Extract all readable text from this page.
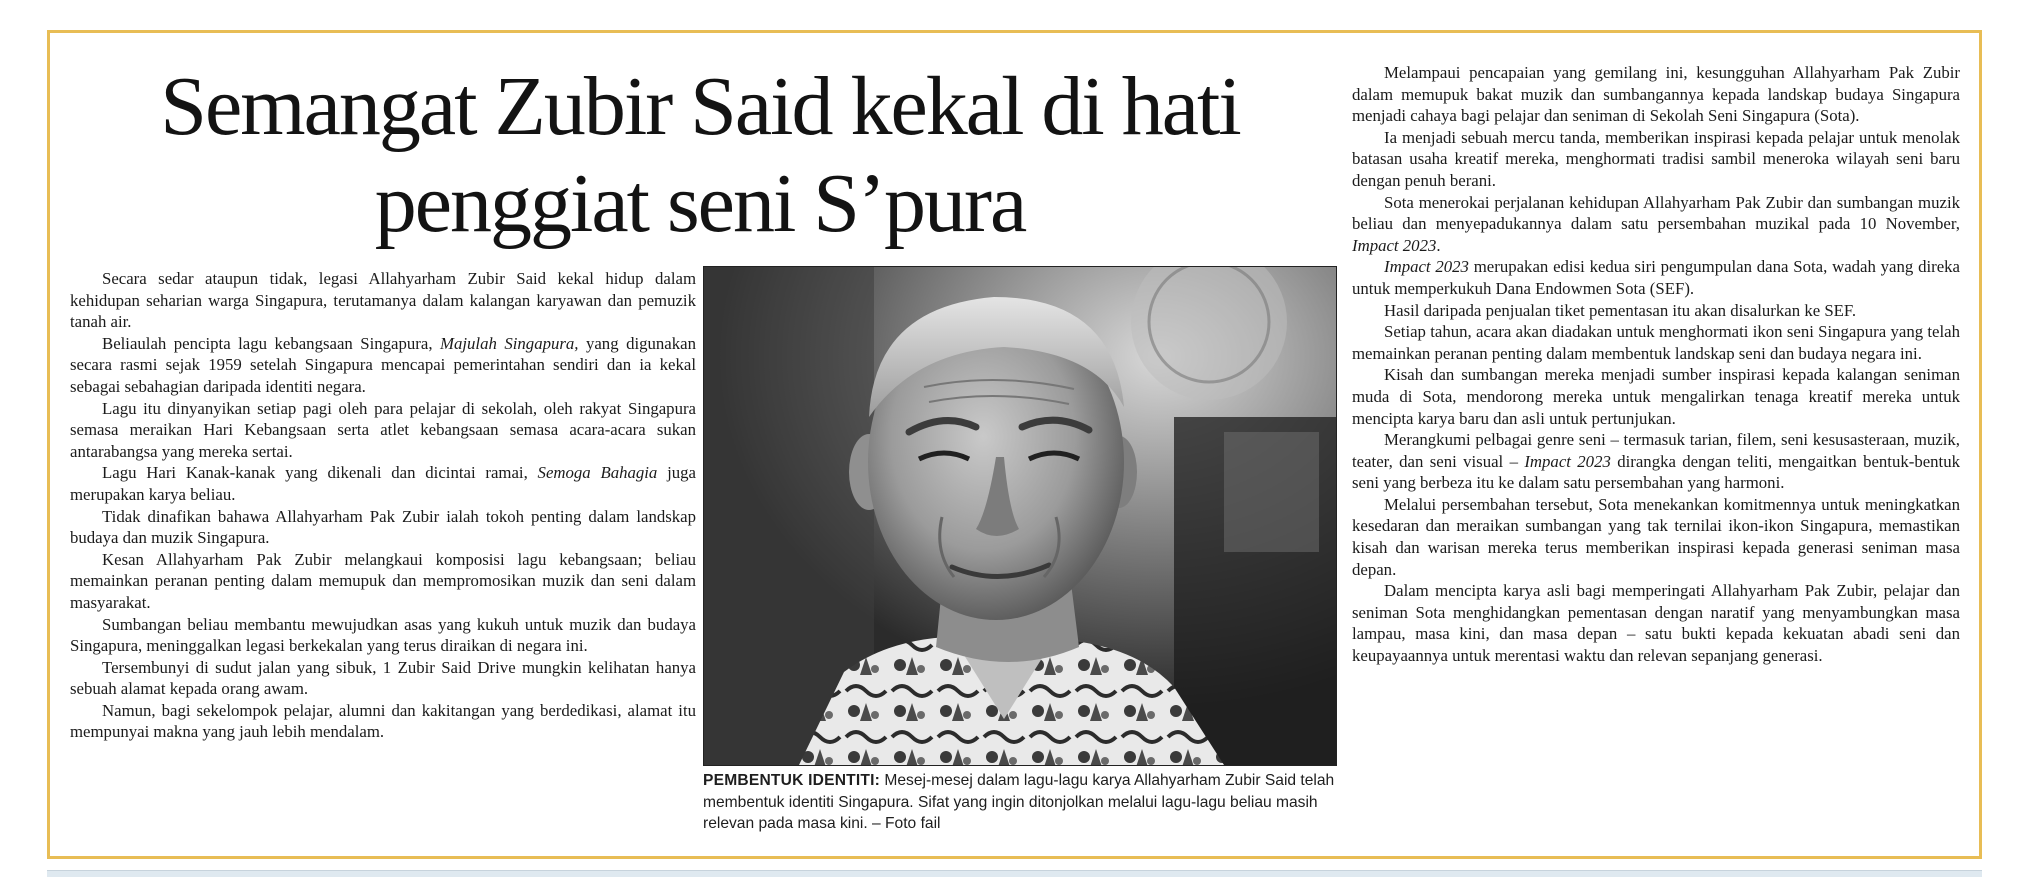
Semangat Zubir Said kekal di hati penggiat seni S’pura

Secara sedar ataupun tidak, legasi Allahyarham Zubir Said kekal hidup dalam kehidupan seharian warga Singapura, terutamanya dalam kalangan karyawan dan pemuzik tanah air.

Beliaulah pencipta lagu kebangsaan Singapura, Majulah Singapura, yang digunakan secara rasmi sejak 1959 setelah Singapura mencapai pemerintahan sendiri dan ia kekal sebagai sebahagian daripada identiti negara.

Lagu itu dinyanyikan setiap pagi oleh para pelajar di sekolah, oleh rakyat Singapura semasa meraikan Hari Kebangsaan serta atlet kebangsaan semasa acara-acara sukan antarabangsa yang mereka sertai.

Lagu Hari Kanak-kanak yang dikenali dan dicintai ramai, Semoga Bahagia juga merupakan karya beliau.

Tidak dinafikan bahawa Allahyarham Pak Zubir ialah tokoh penting dalam landskap budaya dan muzik Singapura.

Kesan Allahyarham Pak Zubir melangkaui komposisi lagu kebangsaan; beliau memainkan peranan penting dalam memupuk dan mempromosikan muzik dan seni dalam masyarakat.

Sumbangan beliau membantu mewujudkan asas yang kukuh untuk muzik dan budaya Singapura, meninggalkan legasi berkekalan yang terus diraikan di negara ini.

Tersembunyi di sudut jalan yang sibuk, 1 Zubir Said Drive mungkin kelihatan hanya sebuah alamat kepada orang awam.

Namun, bagi sekelompok pelajar, alumni dan kakitangan yang berdedikasi, alamat itu mempunyai makna yang jauh lebih mendalam.

PEMBENTUK IDENTITI: Mesej-mesej dalam lagu-lagu karya Allahyarham Zubir Said telah membentuk identiti Singapura. Sifat yang ingin ditonjolkan melalui lagu-lagu beliau masih relevan pada masa kini. – Foto fail

Melampaui pencapaian yang gemilang ini, kesungguhan Allahyarham Pak Zubir dalam memupuk bakat muzik dan sumbangannya kepada landskap budaya Singapura menjadi cahaya bagi pelajar dan seniman di Sekolah Seni Singapura (Sota).

Ia menjadi sebuah mercu tanda, memberikan inspirasi kepada pelajar untuk menolak batasan usaha kreatif mereka, menghormati tradisi sambil meneroka wilayah seni baru dengan penuh berani.

Sota menerokai perjalanan kehidupan Allahyarham Pak Zubir dan sumbangan muzik beliau dan menyepadukannya dalam satu persembahan muzikal pada 10 November, Impact 2023.

Impact 2023 merupakan edisi kedua siri pengumpulan dana Sota, wadah yang direka untuk memperkukuh Dana Endowmen Sota (SEF).

Hasil daripada penjualan tiket pementasan itu akan disalurkan ke SEF.

Setiap tahun, acara akan diadakan untuk menghormati ikon seni Singapura yang telah memainkan peranan penting dalam membentuk landskap seni dan budaya negara ini.

Kisah dan sumbangan mereka menjadi sumber inspirasi kepada kalangan seniman muda di Sota, mendorong mereka untuk mengalirkan tenaga kreatif mereka untuk mencipta karya baru dan asli untuk pertunjukan.

Merangkumi pelbagai genre seni – termasuk tarian, filem, seni kesusasteraan, muzik, teater, dan seni visual – Impact 2023 dirangka dengan teliti, mengaitkan bentuk-bentuk seni yang berbeza itu ke dalam satu persembahan yang harmoni.

Melalui persembahan tersebut, Sota menekankan komitmennya untuk meningkatkan kesedaran dan meraikan sumbangan yang tak ternilai ikon-ikon Singapura, memastikan kisah dan warisan mereka terus memberikan inspirasi kepada generasi seniman masa depan.

Dalam mencipta karya asli bagi memperingati Allahyarham Pak Zubir, pelajar dan seniman Sota menghidangkan pementasan dengan naratif yang menyambungkan masa lampau, masa kini, dan masa depan – satu bukti kepada kekuatan abadi seni dan keupayaannya untuk merentasi waktu dan relevan sepanjang generasi.
